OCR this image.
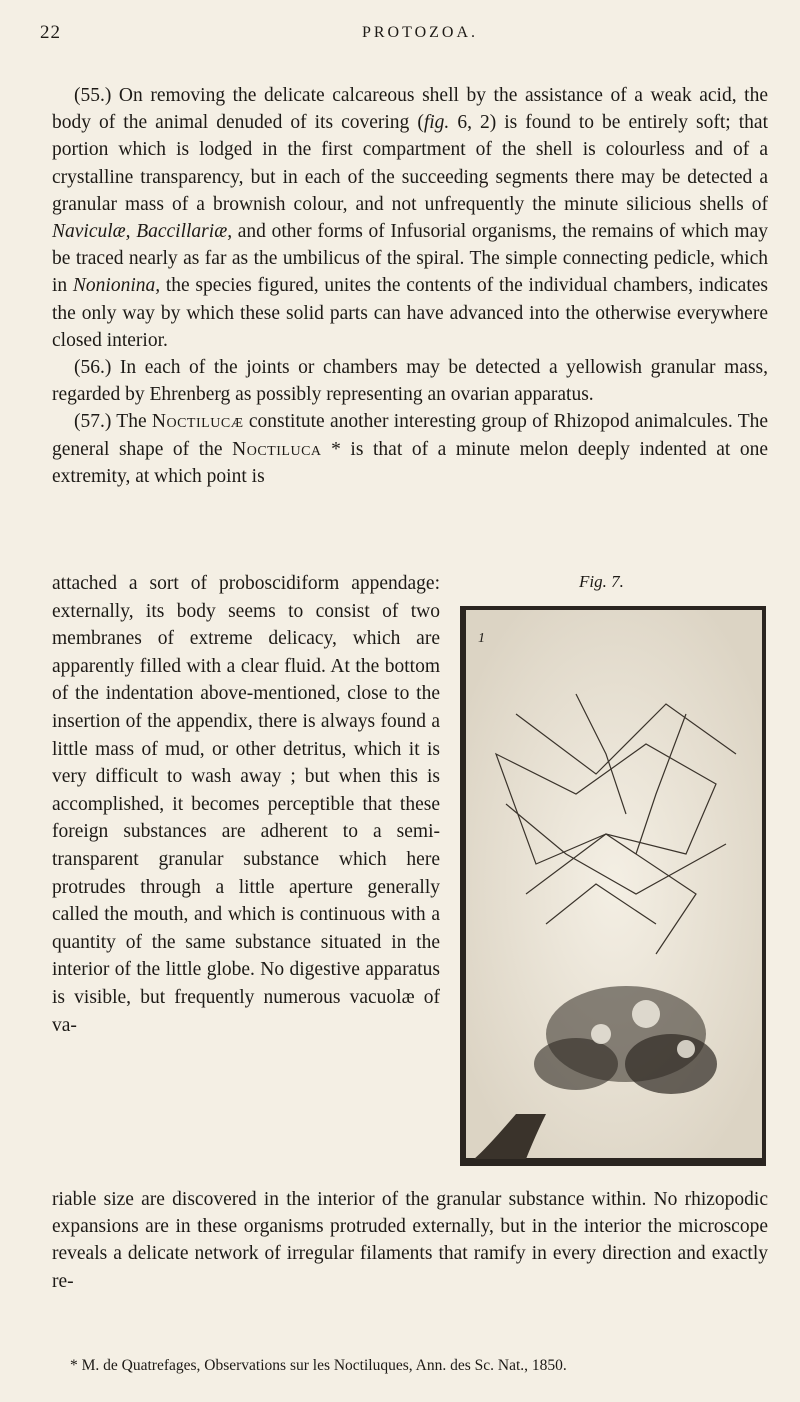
22	PROTOZOA.

(55.) On removing the delicate calcareous shell by the assistance of a weak acid, the body of the animal denuded of its covering (fig. 6, 2) is found to be entirely soft; that portion which is lodged in the first compartment of the shell is colourless and of a crystalline transparency, but in each of the succeeding segments there may be detected a granular mass of a brownish colour, and not unfrequently the minute silicious shells of Naviculæ, Baccillariæ, and other forms of Infusorial organisms, the remains of which may be traced nearly as far as the umbilicus of the spiral. The simple connecting pedicle, which in Nonionina, the species figured, unites the contents of the individual chambers, indicates the only way by which these solid parts can have advanced into the otherwise everywhere closed interior.

(56.) In each of the joints or chambers may be detected a yellowish granular mass, regarded by Ehrenberg as possibly representing an ovarian apparatus.

(57.) The Noctilucæ constitute another interesting group of Rhizopod animalcules. The general shape of the Noctiluca * is that of a minute melon deeply indented at one extremity, at which point is

attached a sort of proboscidiform appendage: externally, its body seems to consist of two membranes of extreme delicacy, which are apparently filled with a clear fluid. At the bottom of the indentation above-mentioned, close to the insertion of the appendix, there is always found a little mass of mud, or other detritus, which it is very difficult to wash away ; but when this is accomplished, it becomes perceptible that these foreign substances are adherent to a semi-transparent granular substance which here protrudes through a little aperture generally called the mouth, and which is continuous with a quantity of the same substance situated in the interior of the little globe. No digestive apparatus is visible, but frequently numerous vacuolæ of va-

Fig. 7.
1

riable size are discovered in the interior of the granular substance within. No rhizopodic expansions are in these organisms protruded externally, but in the interior the microscope reveals a delicate network of irregular filaments that ramify in every direction and exactly re-

* M. de Quatrefages, Observations sur les Noctiluques, Ann. des Sc. Nat., 1850.
